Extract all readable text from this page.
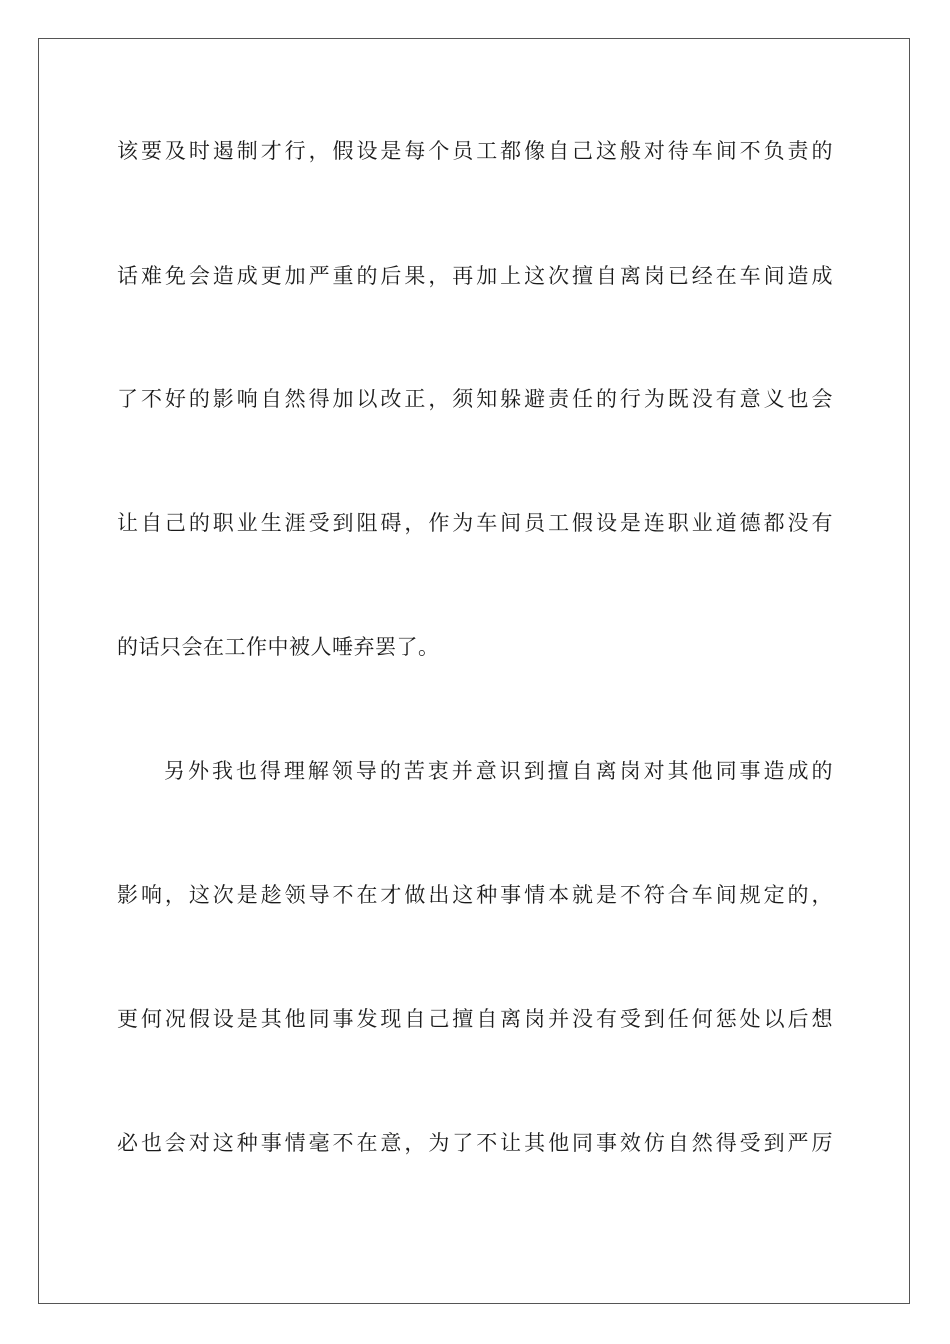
该要及时遏制才行，假设是每个员工都像自己这般对待车间不负责的
话难免会造成更加严重的后果，再加上这次擅自离岗已经在车间造成
了不好的影响自然得加以改正，须知躲避责任的行为既没有意义也会
让自己的职业生涯受到阻碍，作为车间员工假设是连职业道德都没有
的话只会在工作中被人唾弃罢了。
另外我也得理解领导的苦衷并意识到擅自离岗对其他同事造成的
影响，这次是趁领导不在才做出这种事情本就是不符合车间规定的，
更何况假设是其他同事发现自己擅自离岗并没有受到任何惩处以后想
必也会对这种事情毫不在意，为了不让其他同事效仿自然得受到严厉
